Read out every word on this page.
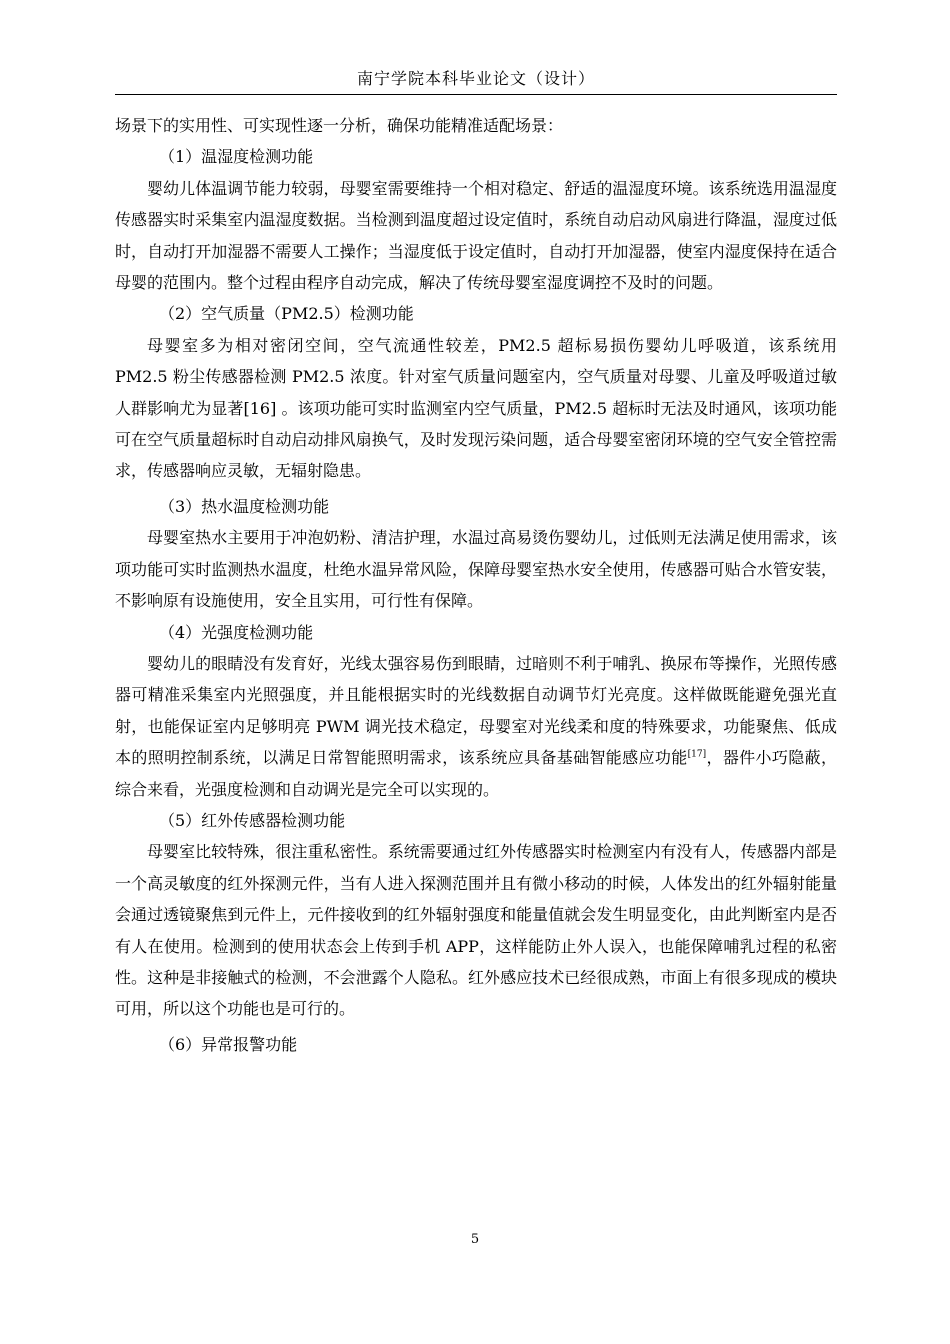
南宁学院本科毕业论文（设计）

场景下的实用性、可实现性逐一分析，确保功能精准适配场景：

（1）温湿度检测功能

婴幼儿体温调节能力较弱，母婴室需要维持一个相对稳定、舒适的温湿度环境。该系统选用温湿度传感器实时采集室内温湿度数据。当检测到温度超过设定值时，系统自动启动风扇进行降温，湿度过低时，自动打开加湿器不需要人工操作；当湿度低于设定值时，自动打开加湿器，使室内湿度保持在适合母婴的范围内。整个过程由程序自动完成，解决了传统母婴室湿度调控不及时的问题。

（2）空气质量（PM2.5）检测功能

母婴室多为相对密闭空间，空气流通性较差，PM2.5 超标易损伤婴幼儿呼吸道，该系统用 PM2.5 粉尘传感器检测 PM2.5 浓度。针对室气质量问题室内，空气质量对母婴、儿童及呼吸道过敏人群影响尤为显著[16] 。该项功能可实时监测室内空气质量，PM2.5 超标时无法及时通风，该项功能可在空气质量超标时自动启动排风扇换气，及时发现污染问题，适合母婴室密闭环境的空气安全管控需求，传感器响应灵敏，无辐射隐患。

（3）热水温度检测功能

母婴室热水主要用于冲泡奶粉、清洁护理，水温过高易烫伤婴幼儿，过低则无法满足使用需求，该项功能可实时监测热水温度，杜绝水温异常风险，保障母婴室热水安全使用，传感器可贴合水管安装，不影响原有设施使用，安全且实用，可行性有保障。

（4）光强度检测功能

婴幼儿的眼睛没有发育好，光线太强容易伤到眼睛，过暗则不利于哺乳、换尿布等操作，光照传感器可精准采集室内光照强度，并且能根据实时的光线数据自动调节灯光亮度。这样做既能避免强光直射，也能保证室内足够明亮 PWM 调光技术稳定，母婴室对光线柔和度的特殊要求，功能聚焦、低成本的照明控制系统，以满足日常智能照明需求，该系统应具备基础智能感应功能[17]，器件小巧隐蔽，综合来看，光强度检测和自动调光是完全可以实现的。

（5）红外传感器检测功能

母婴室比较特殊，很注重私密性。系统需要通过红外传感器实时检测室内有没有人，传感器内部是一个高灵敏度的红外探测元件，当有人进入探测范围并且有微小移动的时候，人体发出的红外辐射能量会通过透镜聚焦到元件上，元件接收到的红外辐射强度和能量值就会发生明显变化，由此判断室内是否有人在使用。检测到的使用状态会上传到手机 APP，这样能防止外人误入，也能保障哺乳过程的私密性。这种是非接触式的检测，不会泄露个人隐私。红外感应技术已经很成熟，市面上有很多现成的模块可用，所以这个功能也是可行的。

（6）异常报警功能

5
